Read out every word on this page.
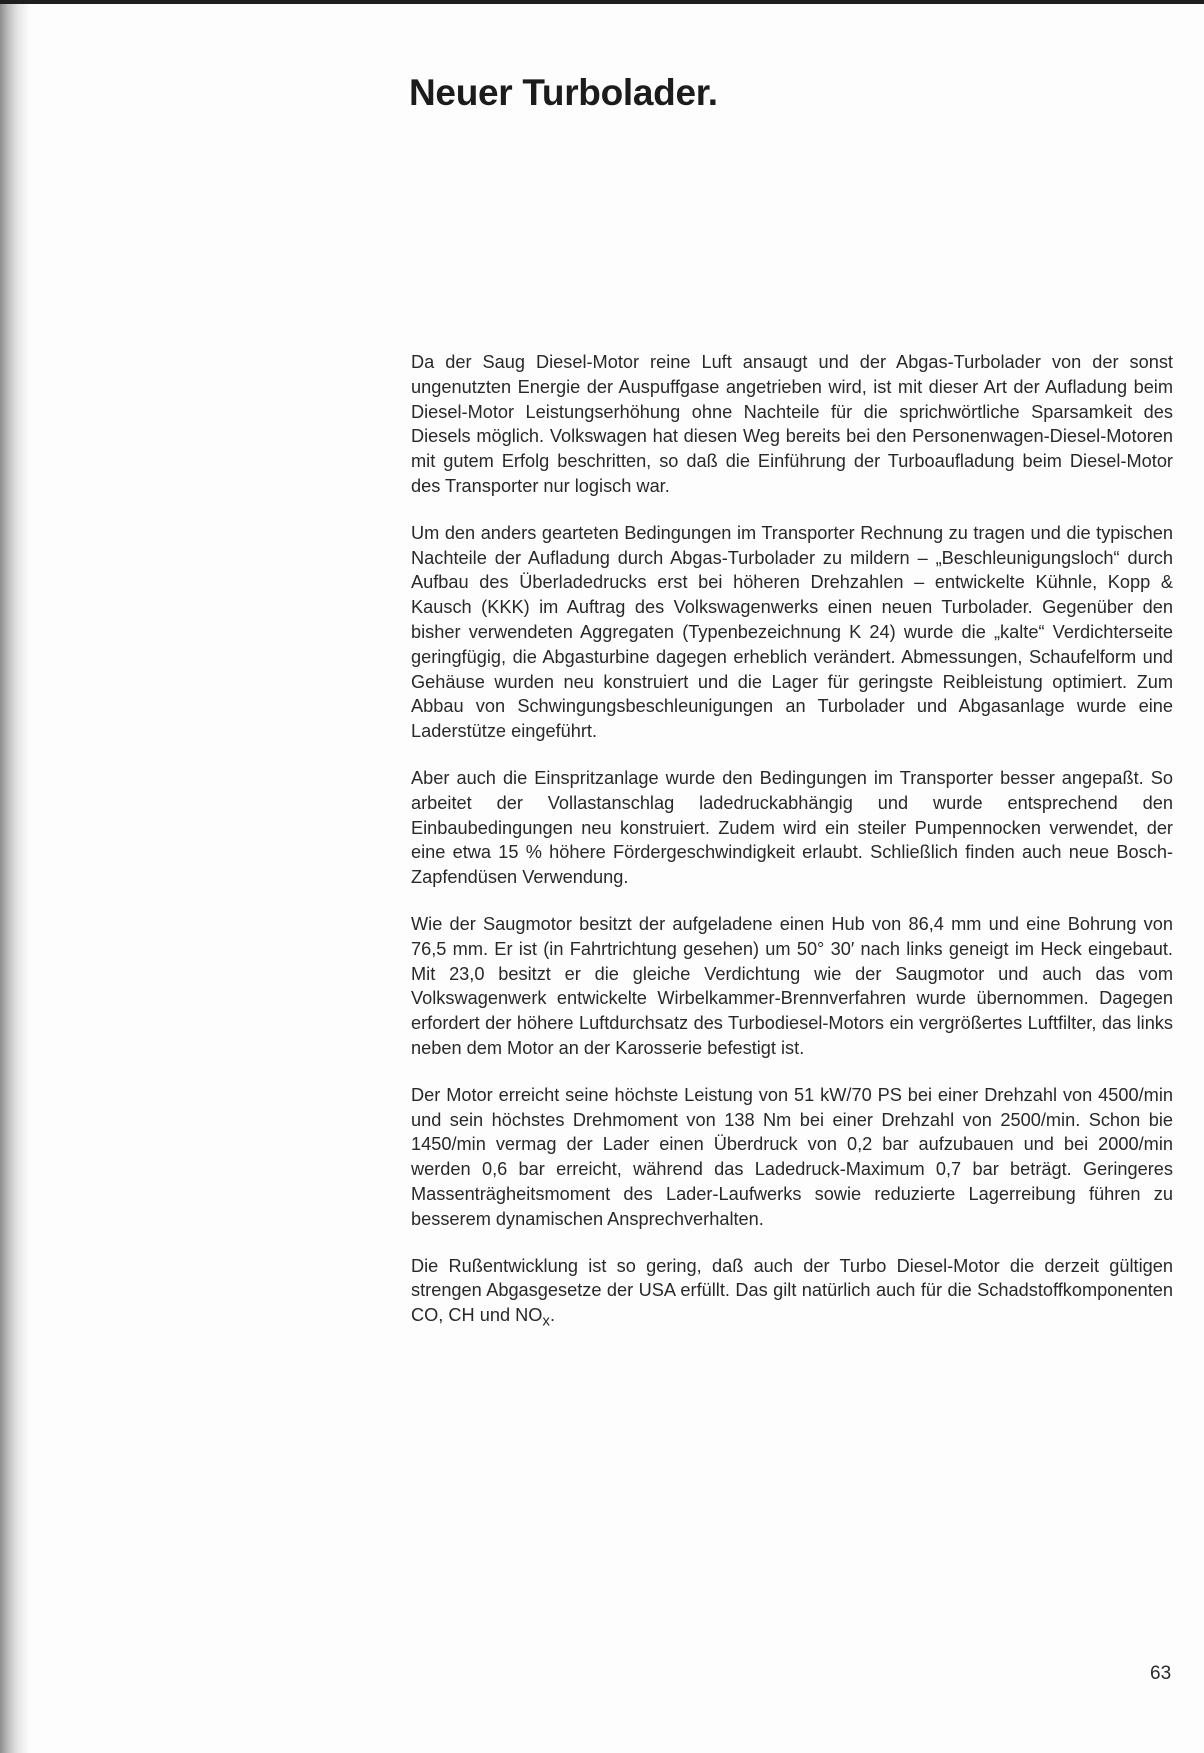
Neuer Turbolader.

Da der Saug Diesel-Motor reine Luft ansaugt und der Abgas-Turbolader von der sonst ungenutzten Energie der Auspuffgase angetrieben wird, ist mit dieser Art der Aufladung beim Diesel-Motor Leistungserhöhung ohne Nachteile für die sprichwörtliche Sparsamkeit des Diesels möglich. Volkswagen hat diesen Weg bereits bei den Personenwagen-Diesel-Motoren mit gutem Erfolg beschritten, so daß die Einführung der Turboaufladung beim Diesel-Motor des Transporter nur logisch war.

Um den anders gearteten Bedingungen im Transporter Rechnung zu tragen und die typischen Nachteile der Aufladung durch Abgas-Turbolader zu mildern – „Beschleunigungsloch“ durch Aufbau des Überladedrucks erst bei höheren Drehzahlen – entwickelte Kühnle, Kopp & Kausch (KKK) im Auftrag des Volkswagenwerks einen neuen Turbolader. Gegenüber den bisher verwendeten Aggregaten (Typenbezeichnung K 24) wurde die „kalte“ Verdichterseite geringfügig, die Abgasturbine dagegen erheblich verändert. Abmessungen, Schaufelform und Gehäuse wurden neu konstruiert und die Lager für geringste Reibleistung optimiert. Zum Abbau von Schwingungsbeschleunigungen an Turbolader und Abgasanlage wurde eine Laderstütze eingeführt.

Aber auch die Einspritzanlage wurde den Bedingungen im Transporter besser angepaßt. So arbeitet der Vollastanschlag ladedruckabhängig und wurde entsprechend den Einbaubedingungen neu konstruiert. Zudem wird ein steiler Pumpennocken verwendet, der eine etwa 15 % höhere Fördergeschwindigkeit erlaubt. Schließlich finden auch neue Bosch-Zapfendüsen Verwendung.

Wie der Saugmotor besitzt der aufgeladene einen Hub von 86,4 mm und eine Bohrung von 76,5 mm. Er ist (in Fahrtrichtung gesehen) um 50° 30′ nach links geneigt im Heck eingebaut. Mit 23,0 besitzt er die gleiche Verdichtung wie der Saugmotor und auch das vom Volkswagenwerk entwickelte Wirbelkammer-Brennverfahren wurde übernommen. Dagegen erfordert der höhere Luftdurchsatz des Turbodiesel-Motors ein vergrößertes Luftfilter, das links neben dem Motor an der Karosserie befestigt ist.

Der Motor erreicht seine höchste Leistung von 51 kW/70 PS bei einer Drehzahl von 4500/min und sein höchstes Drehmoment von 138 Nm bei einer Drehzahl von 2500/min. Schon bie 1450/min vermag der Lader einen Überdruck von 0,2 bar aufzubauen und bei 2000/min werden 0,6 bar erreicht, während das Ladedruck-Maximum 0,7 bar beträgt. Geringeres Massenträgheitsmoment des Lader-Laufwerks sowie reduzierte Lagerreibung führen zu besserem dynamischen Ansprechverhalten.

Die Rußentwicklung ist so gering, daß auch der Turbo Diesel-Motor die derzeit gültigen strengen Abgasgesetze der USA erfüllt. Das gilt natürlich auch für die Schadstoffkomponenten CO, CH und $NO_x$.

63
